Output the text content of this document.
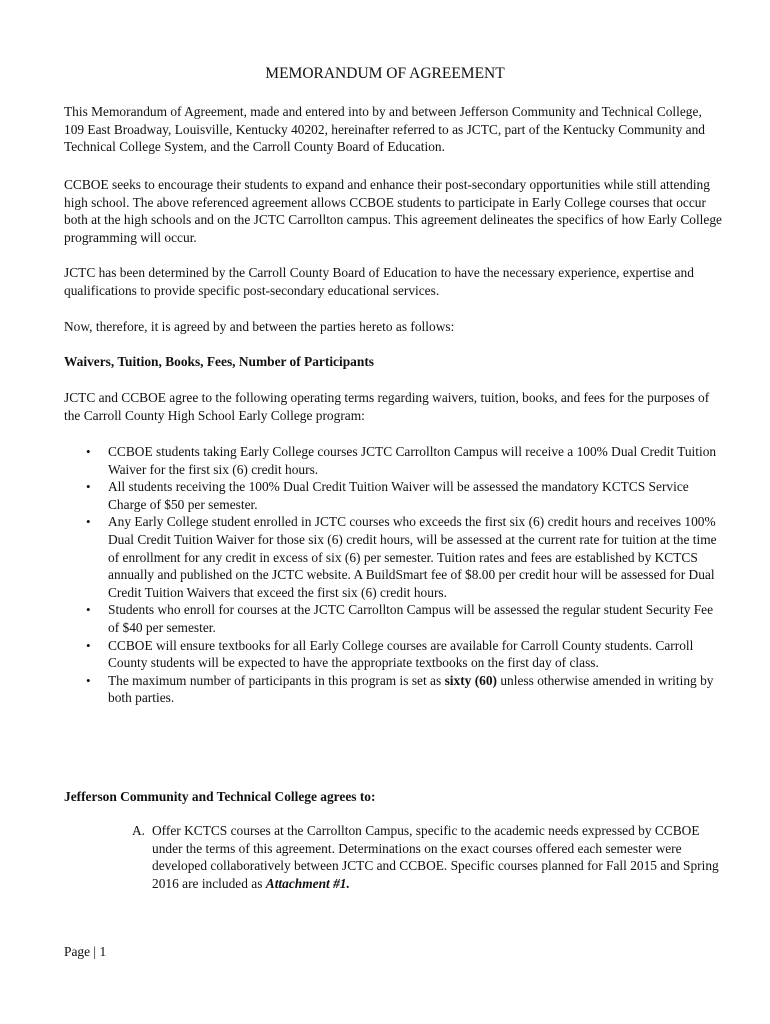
MEMORANDUM OF AGREEMENT

This Memorandum of Agreement, made and entered into by and between Jefferson Community and Technical College, 109 East Broadway, Louisville, Kentucky 40202, hereinafter referred to as JCTC, part of the Kentucky Community and Technical College System, and the Carroll County Board of Education.

CCBOE seeks to encourage their students to expand and enhance their post-secondary opportunities while still attending high school. The above referenced agreement allows CCBOE students to participate in Early College courses that occur both at the high schools and on the JCTC Carrollton campus. This agreement delineates the specifics of how Early College programming will occur.

JCTC has been determined by the Carroll County Board of Education to have the necessary experience, expertise and qualifications to provide specific post-secondary educational services.

Now, therefore, it is agreed by and between the parties hereto as follows:

Waivers, Tuition, Books, Fees, Number of Participants

JCTC and CCBOE agree to the following operating terms regarding waivers, tuition, books, and fees for the purposes of the Carroll County High School Early College program:

• CCBOE students taking Early College courses JCTC Carrollton Campus will receive a 100% Dual Credit Tuition Waiver for the first six (6) credit hours.
• All students receiving the 100% Dual Credit Tuition Waiver will be assessed the mandatory KCTCS Service Charge of $50 per semester.
• Any Early College student enrolled in JCTC courses who exceeds the first six (6) credit hours and receives 100% Dual Credit Tuition Waiver for those six (6) credit hours, will be assessed at the current rate for tuition at the time of enrollment for any credit in excess of six (6) per semester. Tuition rates and fees are established by KCTCS annually and published on the JCTC website. A BuildSmart fee of $8.00 per credit hour will be assessed for Dual Credit Tuition Waivers that exceed the first six (6) credit hours.
• Students who enroll for courses at the JCTC Carrollton Campus will be assessed the regular student Security Fee of $40 per semester.
• CCBOE will ensure textbooks for all Early College courses are available for Carroll County students. Carroll County students will be expected to have the appropriate textbooks on the first day of class.
• The maximum number of participants in this program is set as sixty (60) unless otherwise amended in writing by both parties.

Jefferson Community and Technical College agrees to:

A. Offer KCTCS courses at the Carrollton Campus, specific to the academic needs expressed by CCBOE under the terms of this agreement. Determinations on the exact courses offered each semester were developed collaboratively between JCTC and CCBOE. Specific courses planned for Fall 2015 and Spring 2016 are included as Attachment #1.
Page | 1
